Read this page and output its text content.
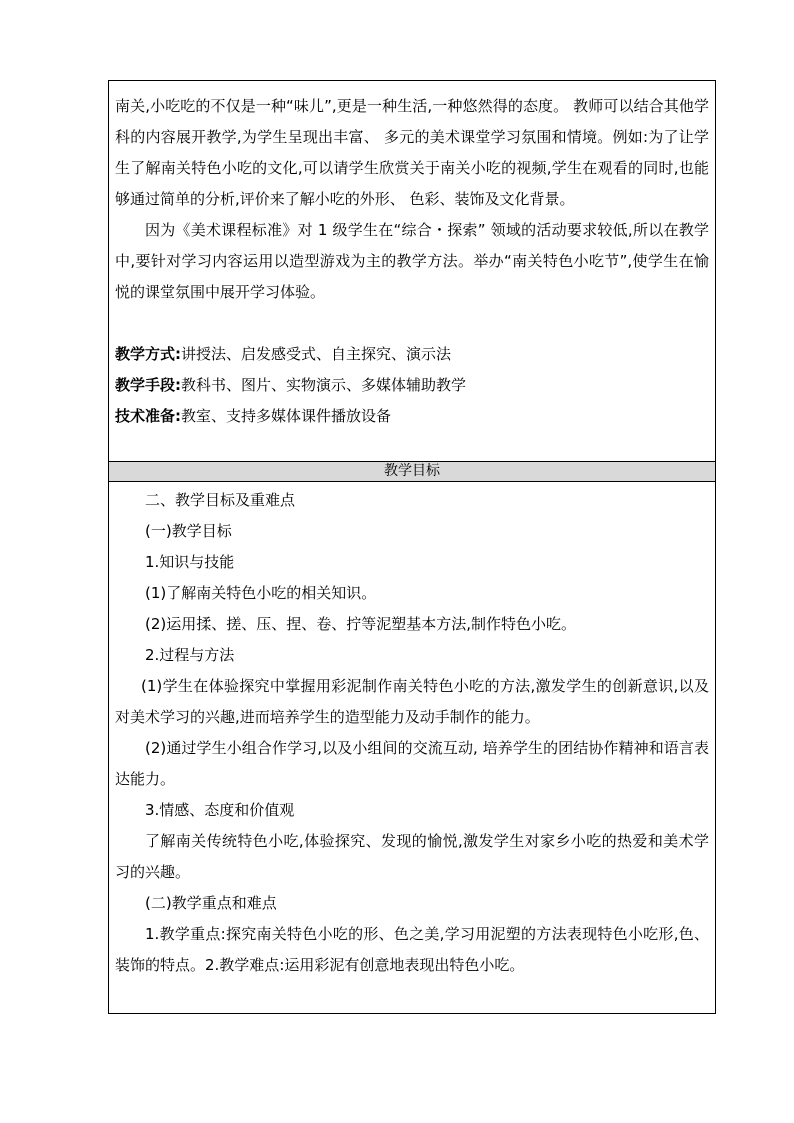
南关,小吃吃的不仅是一种“味儿”,更是一种生活,一种悠然得的态度。 教师可以结合其他学科的内容展开教学,为学生呈现出丰富、 多元的美术课堂学习氛围和情境。例如:为了让学生了解南关特色小吃的文化,可以请学生欣赏关于南关小吃的视频,学生在观看的同时,也能够通过简单的分析,评价来了解小吃的外形、 色彩、装饰及文化背景。

因为《美术课程标准》对 1 级学生在“综合・探索” 领域的活动要求较低,所以在教学中,要针对学习内容运用以造型游戏为主的教学方法。举办“南关特色小吃节”,使学生在愉悦的课堂氛围中展开学习体验。

教学方式:讲授法、启发感受式、自主探究、演示法
教学手段:教科书、图片、实物演示、多媒体辅助教学
技术准备:教室、支持多媒体课件播放设备
教学目标

二、教学目标及重难点

(一)教学目标

1.知识与技能

(1)了解南关特色小吃的相关知识。

(2)运用揉、搓、压、捏、卷、拧等泥塑基本方法,制作特色小吃。

2.过程与方法

(1)学生在体验探究中掌握用彩泥制作南关特色小吃的方法,激发学生的创新意识,以及对美术学习的兴趣,进而培养学生的造型能力及动手制作的能力。

(2)通过学生小组合作学习,以及小组间的交流互动, 培养学生的团结协作精神和语言表达能力。

3.情感、态度和价值观

了解南关传统特色小吃,体验探究、发现的愉悦,激发学生对家乡小吃的热爱和美术学习的兴趣。

(二)教学重点和难点

1.教学重点:探究南关特色小吃的形、色之美,学习用泥塑的方法表现特色小吃形,色、装饰的特点。2.教学难点:运用彩泥有创意地表现出特色小吃。
